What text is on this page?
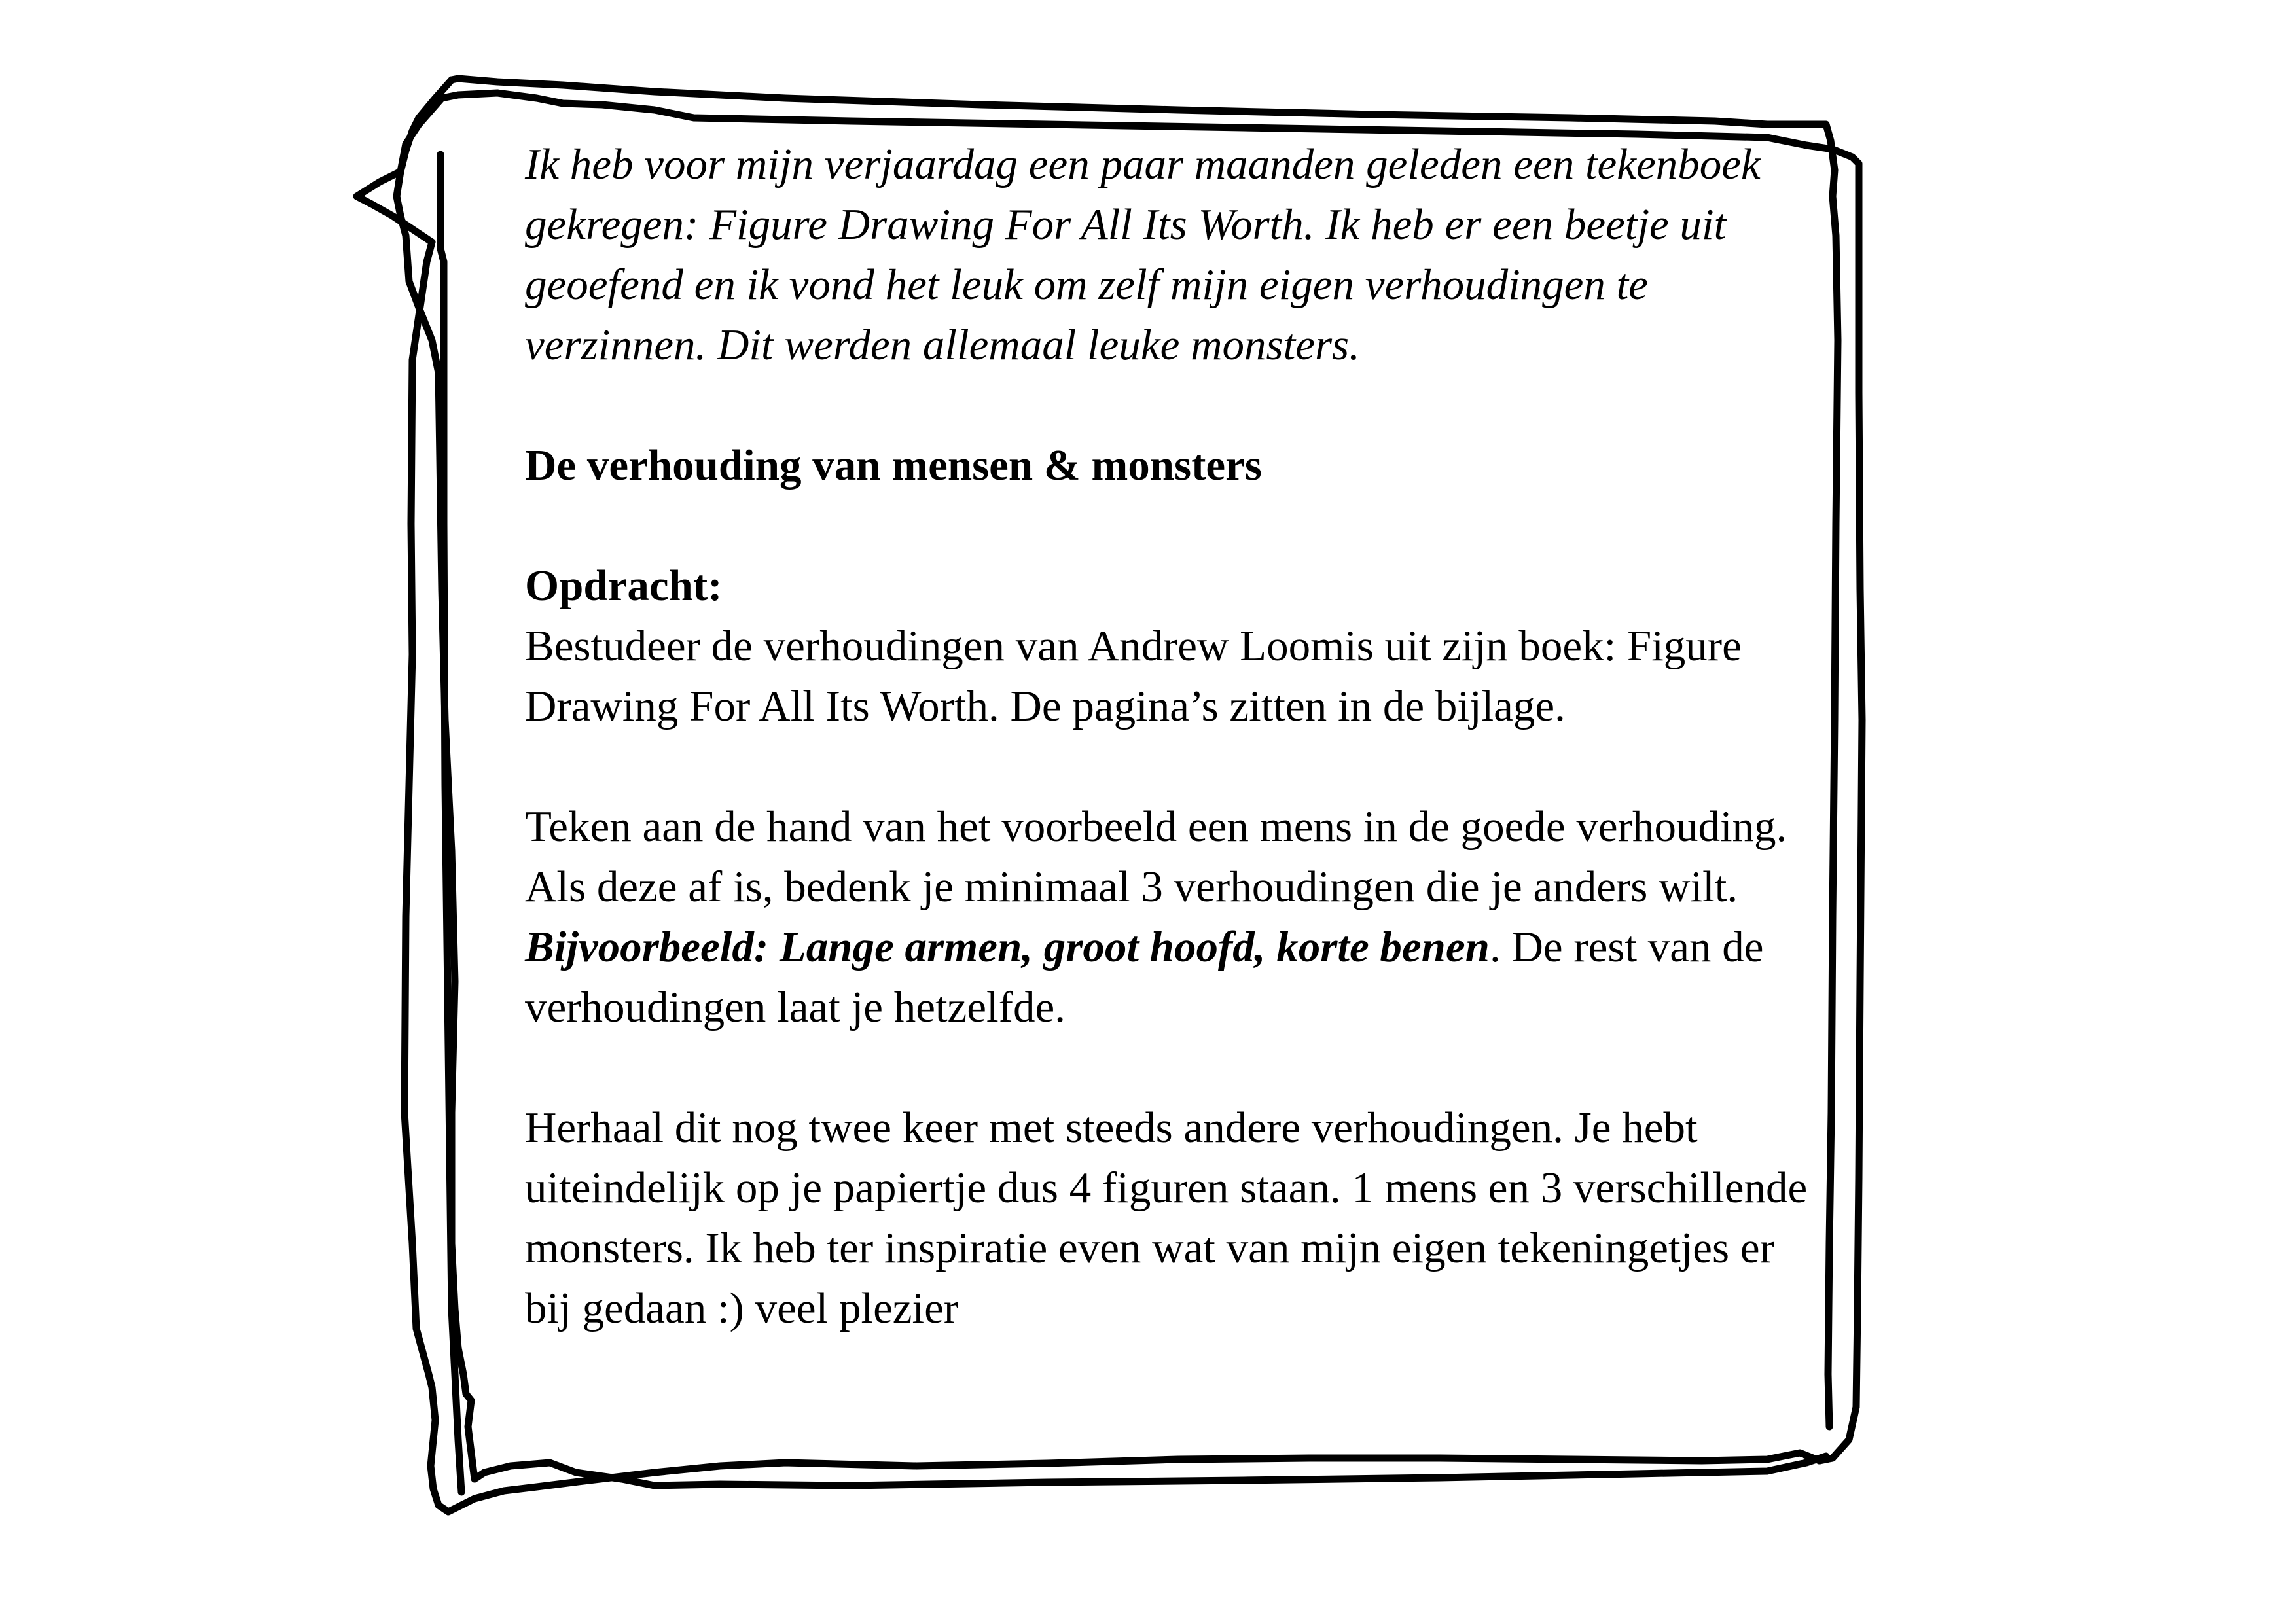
Ik heb voor mijn verjaardag een paar maanden geleden een tekenboek gekregen: Figure Drawing For All Its Worth. Ik heb er een beetje uit geoefend en ik vond het leuk om zelf mijn eigen verhoudingen te verzinnen. Dit werden allemaal leuke monsters.

De verhouding van mensen & monsters

Opdracht:

Bestudeer de verhoudingen van Andrew Loomis uit zijn boek: Figure Drawing For All Its Worth. De pagina’s zitten in de bijlage.

Teken aan de hand van het voorbeeld een mens in de goede verhouding. Als deze af is, bedenk je minimaal 3 verhoudingen die je anders wilt. Bijvoorbeeld: Lange armen, groot hoofd, korte benen. De rest van de verhoudingen laat je hetzelfde.

Herhaal dit nog twee keer met steeds andere verhoudingen. Je hebt uiteindelijk op je papiertje dus 4 figuren staan. 1 mens en 3 verschillende monsters. Ik heb ter inspiratie even wat van mijn eigen tekeningetjes er bij gedaan :) veel plezier
